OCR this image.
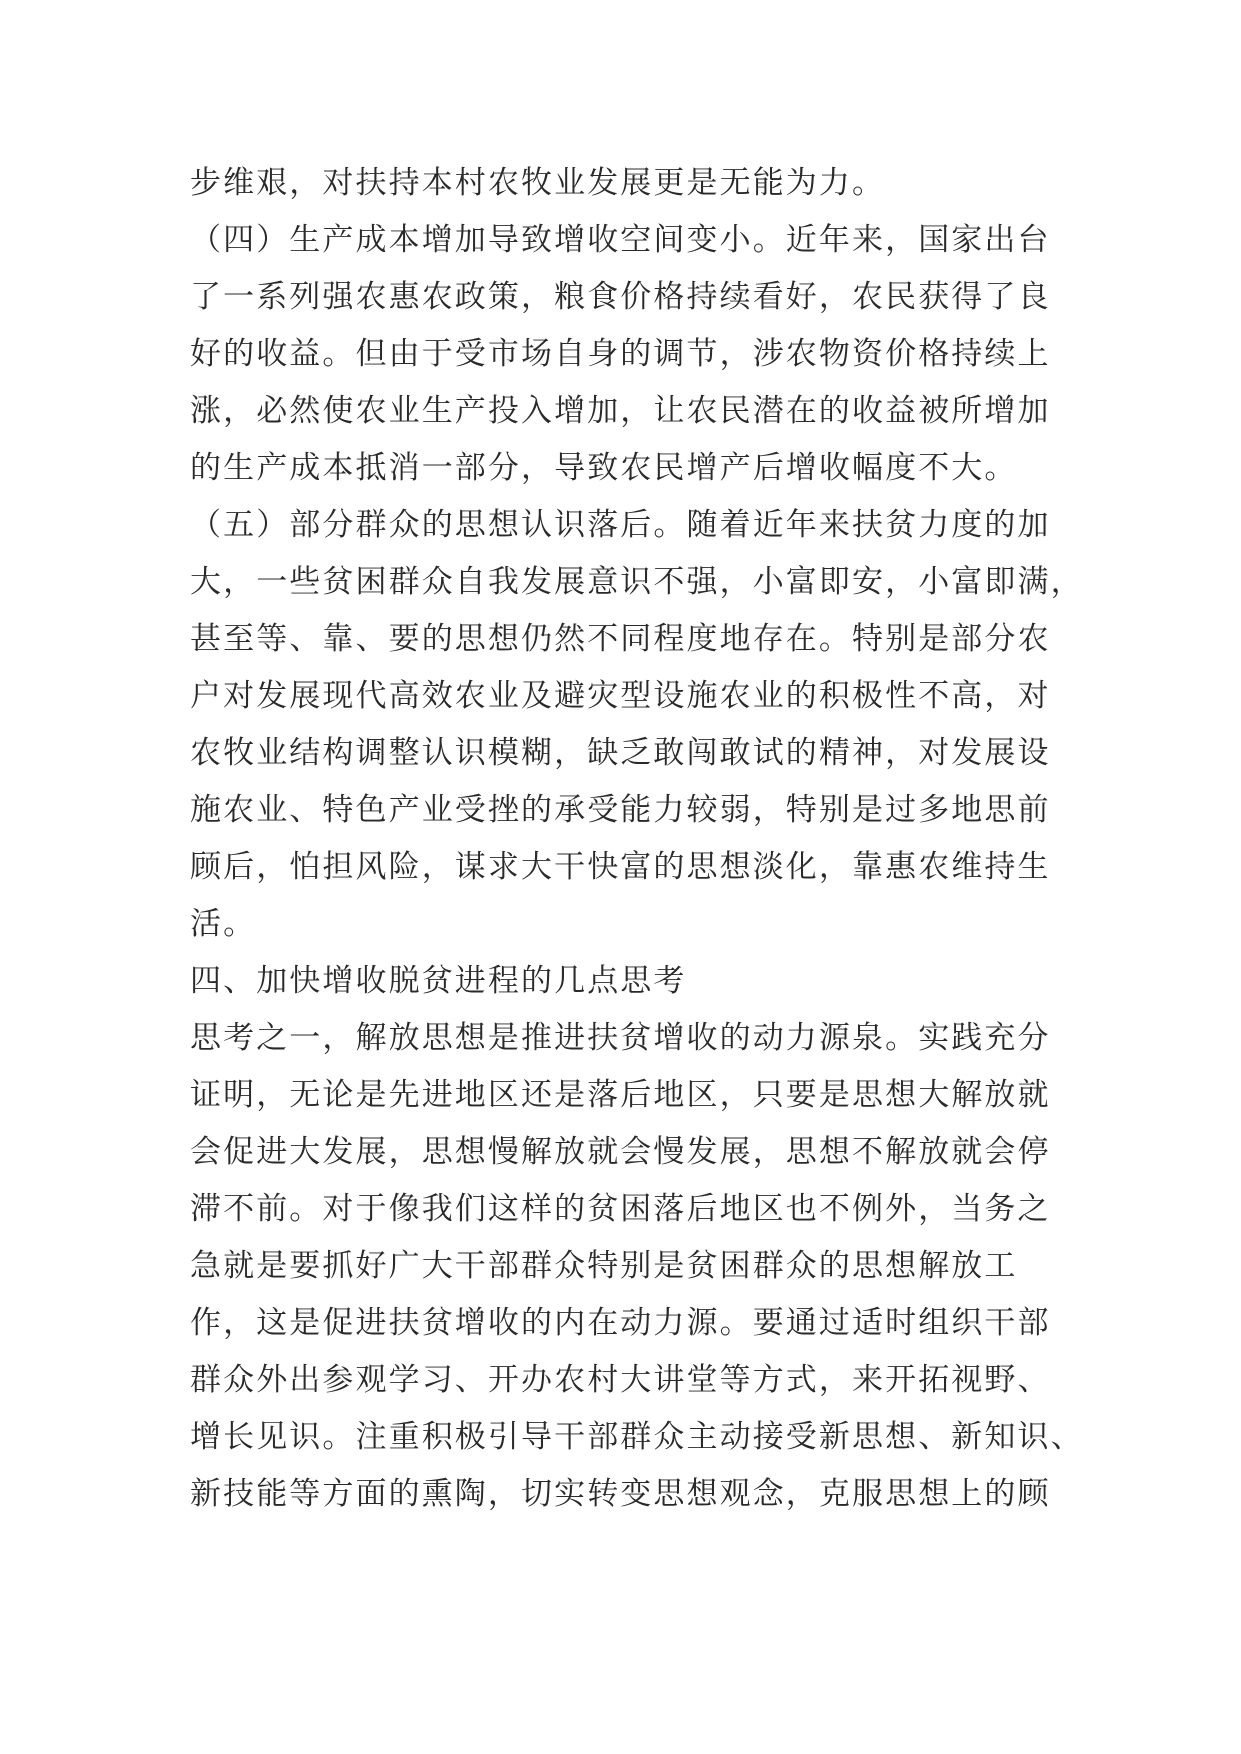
步维艰，对扶持本村农牧业发展更是无能为力。
（四）生产成本增加导致增收空间变小。近年来，国家出台
了一系列强农惠农政策，粮食价格持续看好，农民获得了良
好的收益。但由于受市场自身的调节，涉农物资价格持续上
涨，必然使农业生产投入增加，让农民潜在的收益被所增加
的生产成本抵消一部分，导致农民增产后增收幅度不大。
（五）部分群众的思想认识落后。随着近年来扶贫力度的加
大，一些贫困群众自我发展意识不强，小富即安，小富即满，
甚至等、靠、要的思想仍然不同程度地存在。特别是部分农
户对发展现代高效农业及避灾型设施农业的积极性不高，对
农牧业结构调整认识模糊，缺乏敢闯敢试的精神，对发展设
施农业、特色产业受挫的承受能力较弱，特别是过多地思前
顾后，怕担风险，谋求大干快富的思想淡化，靠惠农维持生
活。
四、加快增收脱贫进程的几点思考
思考之一，解放思想是推进扶贫增收的动力源泉。实践充分
证明，无论是先进地区还是落后地区，只要是思想大解放就
会促进大发展，思想慢解放就会慢发展，思想不解放就会停
滞不前。对于像我们这样的贫困落后地区也不例外，当务之
急就是要抓好广大干部群众特别是贫困群众的思想解放工
作，这是促进扶贫增收的内在动力源。要通过适时组织干部
群众外出参观学习、开办农村大讲堂等方式，来开拓视野、
增长见识。注重积极引导干部群众主动接受新思想、新知识、
新技能等方面的熏陶，切实转变思想观念，克服思想上的顾
